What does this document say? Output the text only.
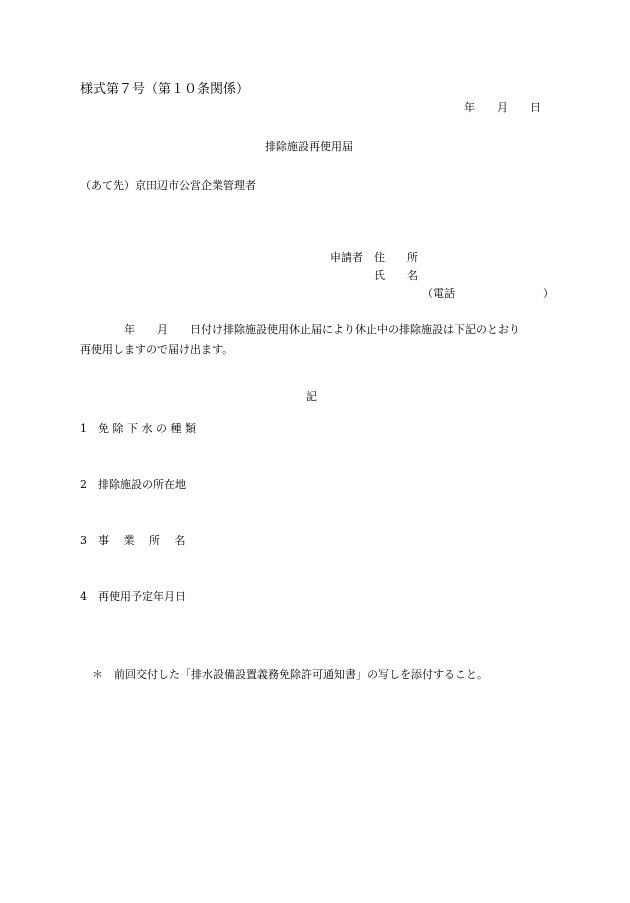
様式第７号（第１０条関係）
年　　月　　日
排除施設再使用届
（あて先）京田辺市公営企業管理者
申請者　住　　所
氏　　名
（電話　　　　　　　　）
　　　　年　　月　　日付け排除施設使用休止届により休止中の排除施設は下記のとおり
再使用しますので届け出ます。
記
1　免 除 下 水 の 種 類
2　排除施設の所在地
3　事　 業　 所　 名
4　再使用予定年月日
＊　前回交付した「排水設備設置義務免除許可通知書」の写しを添付すること。
